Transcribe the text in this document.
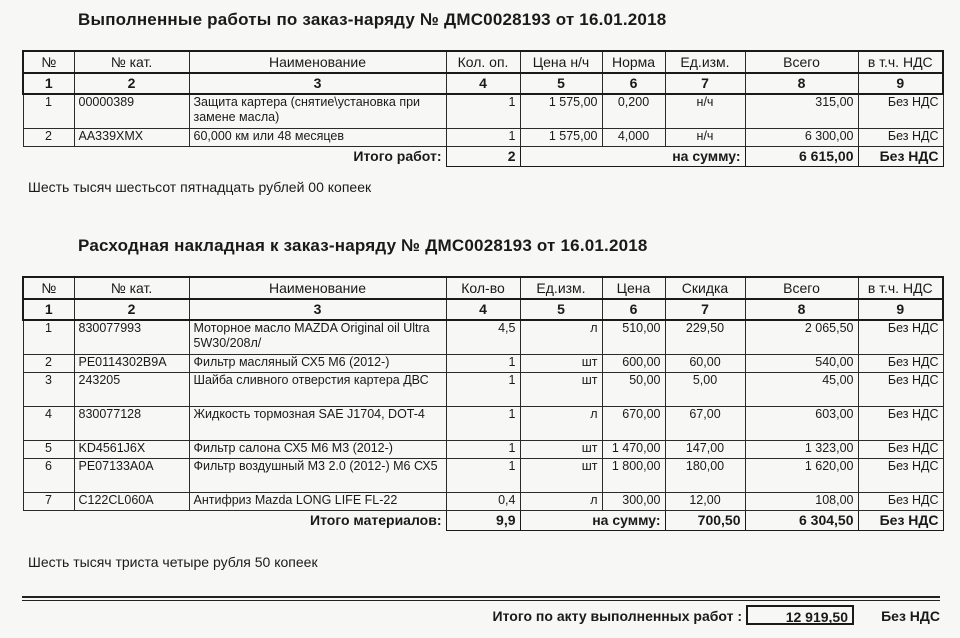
Выполненные работы по заказ-наряду № ДМС0028193 от 16.01.2018
№	№ кат.	Наименование	Кол. оп.	Цена н/ч	Норма	Ед.изм.	Всего	в т.ч. НДС
1	2	3	4	5	6	7	8	9
1	00000389	Защита картера (снятие\установка при замене масла)	1	1 575,00	0,200	н/ч	315,00	Без НДС
2	AA339XMX	60,000 км или 48 месяцев	1	1 575,00	4,000	н/ч	6 300,00	Без НДС
		Итого работ:	2	на сумму:			6 615,00	Без НДС
Шесть тысяч шестьсот пятнадцать рублей 00 копеек
Расходная накладная к заказ-наряду № ДМС0028193 от 16.01.2018
№	№ кат.	Наименование	Кол-во	Ед.изм.	Цена	Скидка	Всего	в т.ч. НДС
1	2	3	4	5	6	7	8	9
1	830077993	Моторное масло MAZDA Original oil Ultra 5W30/208л/	4,5	л	510,00	229,50	2 065,50	Без НДС
2	PE0114302B9A	Фильтр масляный СХ5 М6 (2012-)	1	шт	600,00	60,00	540,00	Без НДС
3	243205	Шайба сливного отверстия картера ДВС	1	шт	50,00	5,00	45,00	Без НДС
4	830077128	Жидкость тормозная SAE J1704, DOT-4	1	л	670,00	67,00	603,00	Без НДС
5	KD4561J6X	Фильтр салона СХ5 М6 М3 (2012-)	1	шт	1 470,00	147,00	1 323,00	Без НДС
6	PE07133A0A	Фильтр воздушный М3 2.0 (2012-) М6 СХ5	1	шт	1 800,00	180,00	1 620,00	Без НДС
7	C122CL060A	Антифриз Mazda LONG LIFE FL-22	0,4	л	300,00	12,00	108,00	Без НДС
		Итого материалов:	9,9	на сумму:		700,50	6 304,50	Без НДС
Шесть тысяч триста четыре рубля 50 копеек
Итого по акту выполненных работ :	12 919,50	Без НДС
